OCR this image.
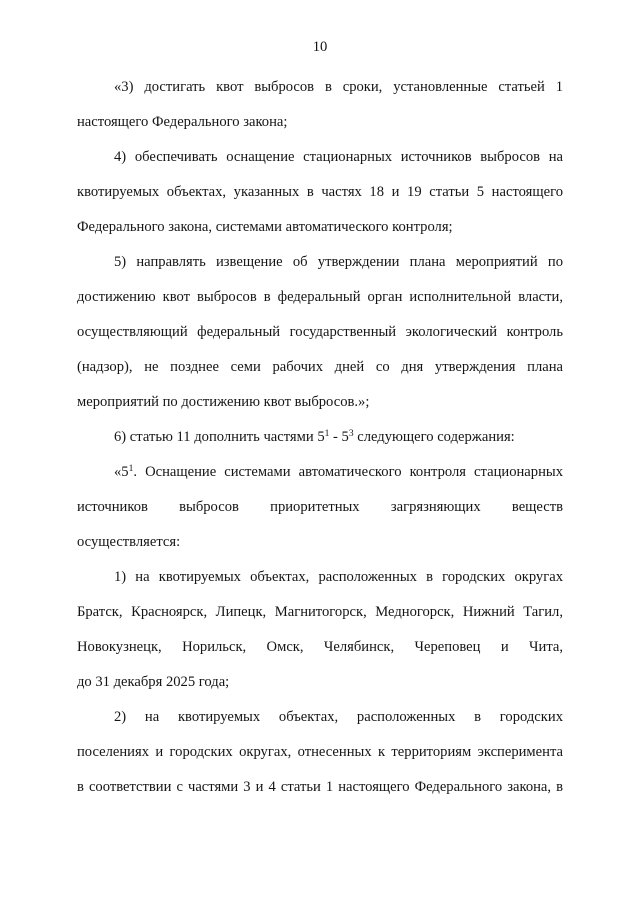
10
«3) достигать квот выбросов в сроки, установленные статьей 1
настоящего Федерального закона;
4) обеспечивать оснащение стационарных источников выбросов на
квотируемых объектах, указанных в частях 18 и 19 статьи 5 настоящего
Федерального закона, системами автоматического контроля;
5) направлять извещение об утверждении плана мероприятий по
достижению квот выбросов в федеральный орган исполнительной власти,
осуществляющий федеральный государственный экологический контроль
(надзор), не позднее семи рабочих дней со дня утверждения плана
мероприятий по достижению квот выбросов.»;
6) статью 11 дополнить частями $5^1 - 5^3$ следующего содержания:
«$5^1$. Оснащение системами автоматического контроля стационарных
источников выбросов приоритетных загрязняющих веществ
осуществляется:
1) на квотируемых объектах, расположенных в городских округах
Братск, Красноярск, Липецк, Магнитогорск, Медногорск, Нижний Тагил,
Новокузнецк, Норильск, Омск, Челябинск, Череповец и Чита,
до 31 декабря 2025 года;
2) на квотируемых объектах, расположенных в городских
поселениях и городских округах, отнесенных к территориям эксперимента
в соответствии с частями 3 и 4 статьи 1 настоящего Федерального закона, в
